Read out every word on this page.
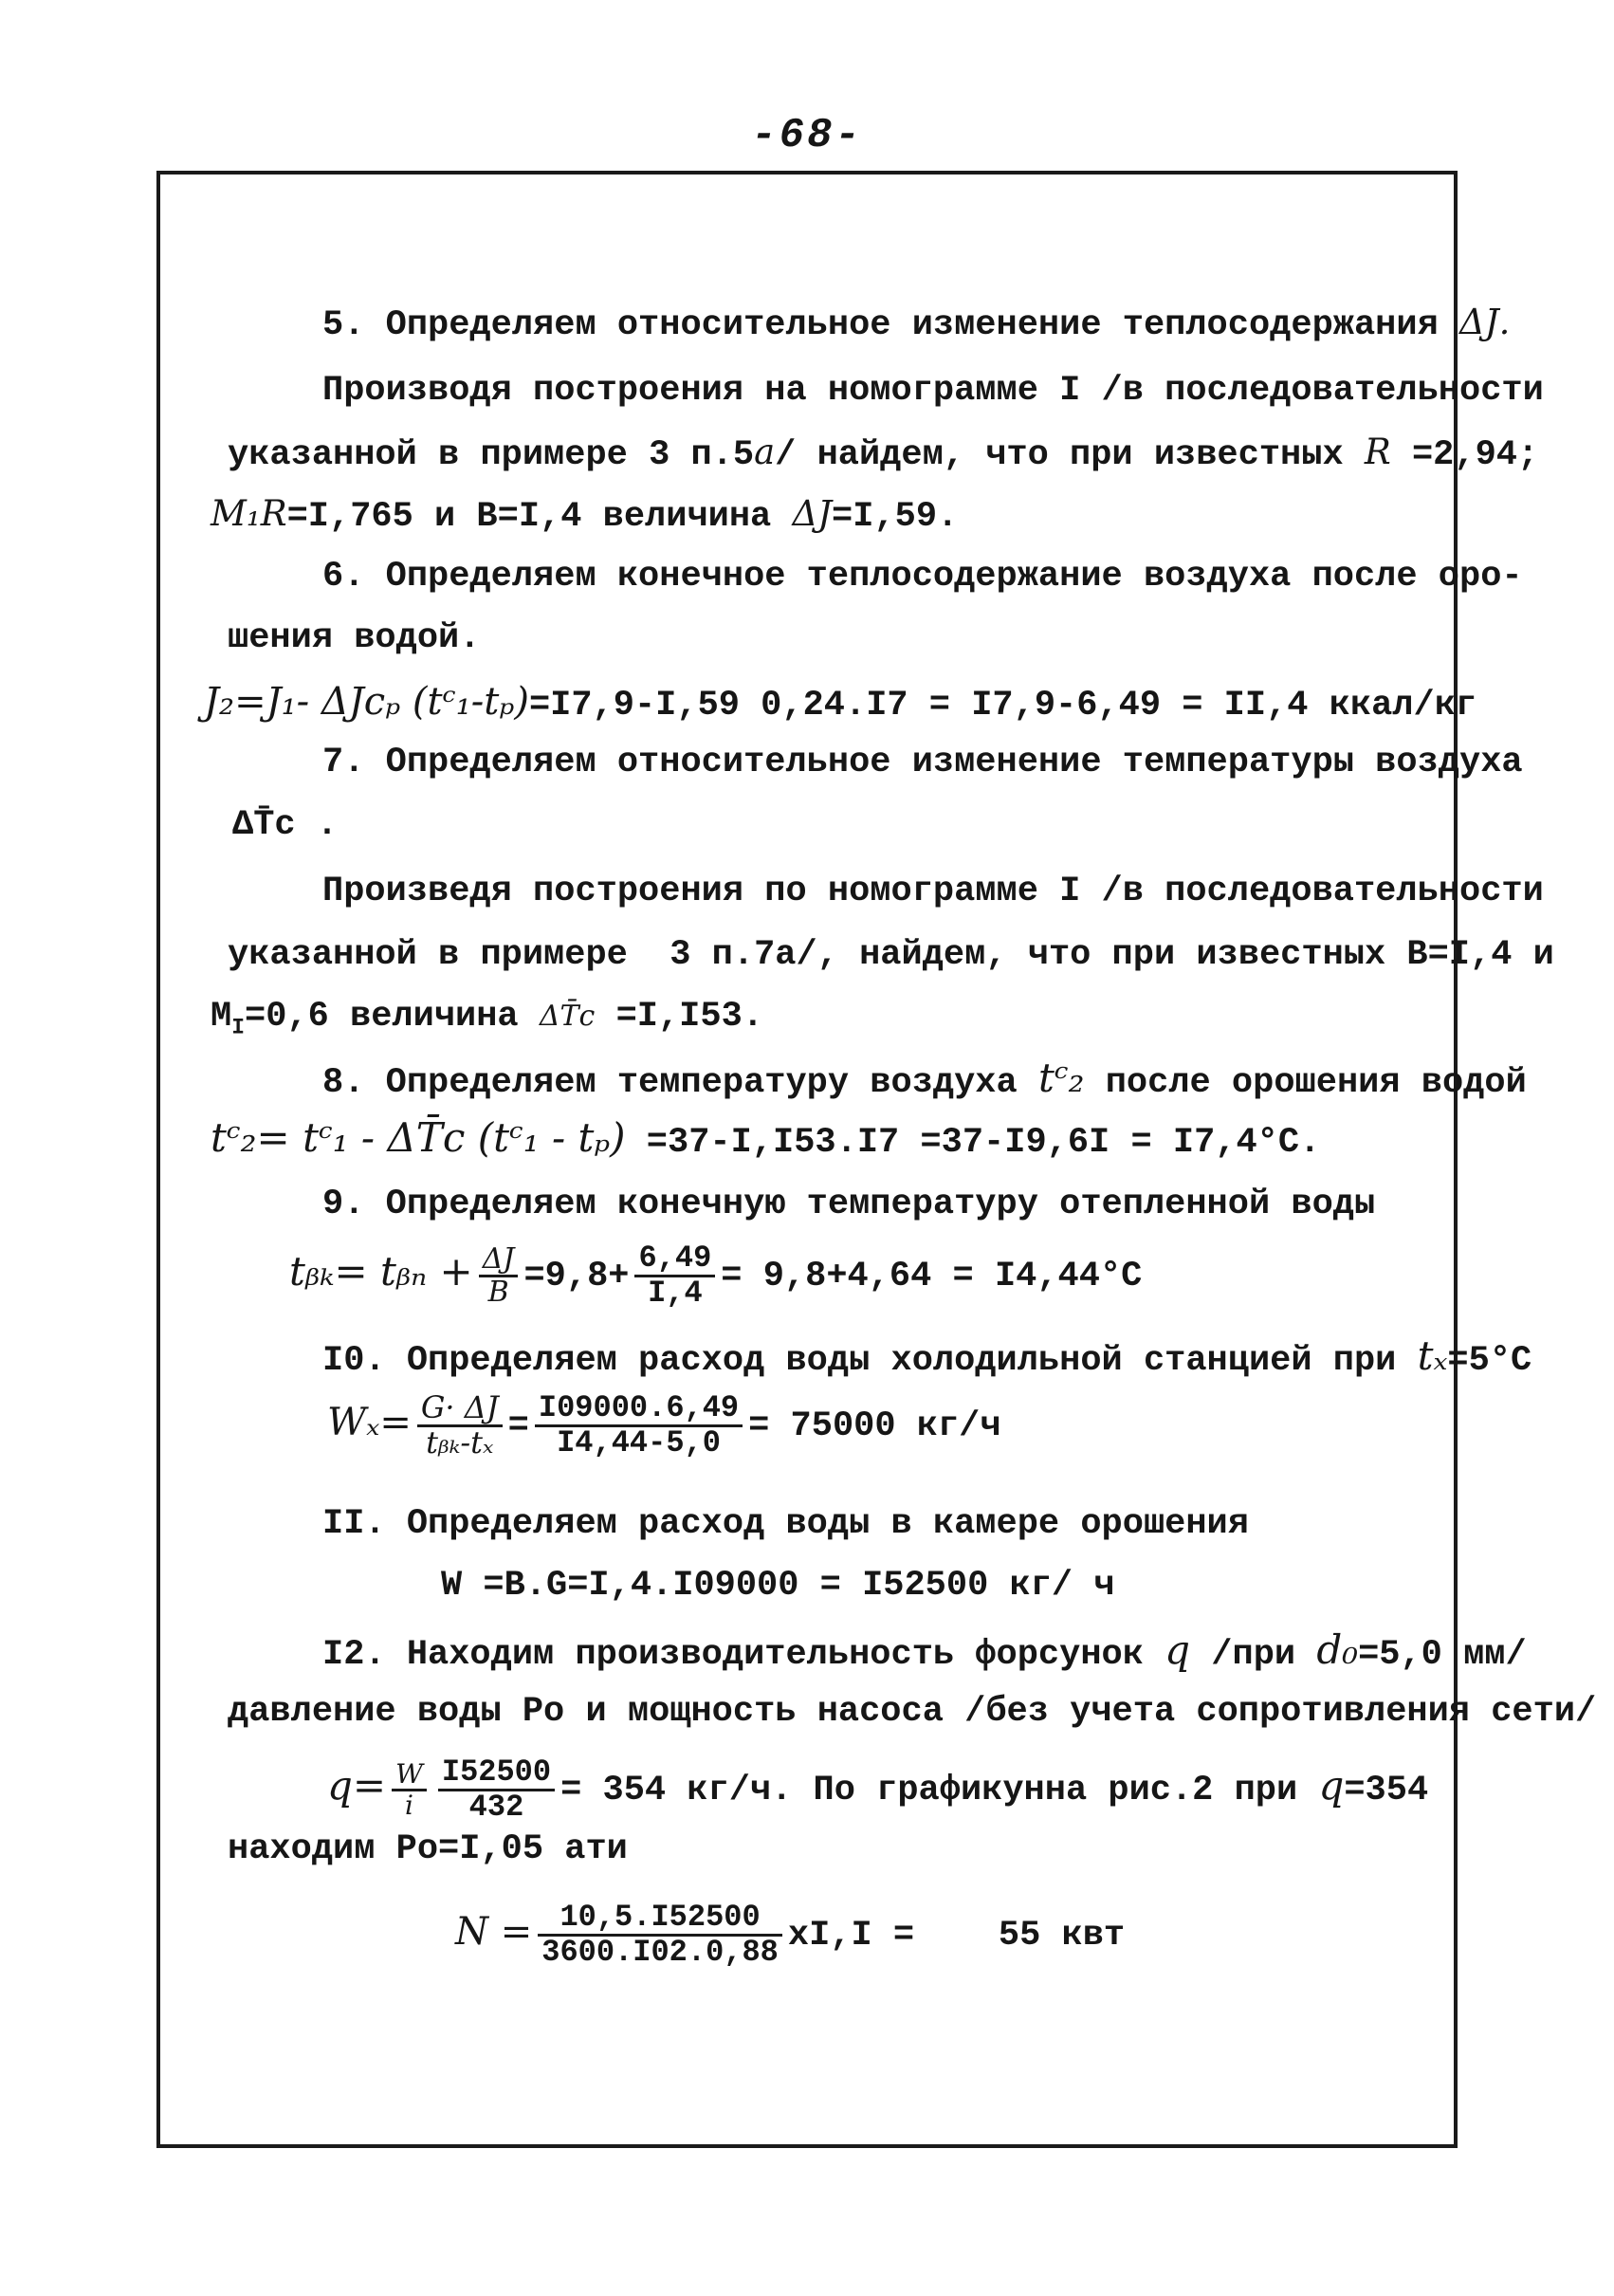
-68-
5. Определяем относительное изменение теплосодержания ΔЈ.
Производя построения на номограмме I /в последовательности
указанной в примере 3 п.5a/ найдем, что при известных R =2,94;
M₁R=I,765 и B=I,4 величина ΔЈ=I,59.
6. Определяем конечное теплосодержание воздуха после оро-
шения водой.
J₂=J₁- ΔЈcₚ (tᶜ₁-tₚ)=I7,9-I,59 0,24.I7 = I7,9-6,49 = II,4 ккал/кг
7. Определяем относительное изменение температуры воздуха
ΔT̄c .
Произведя построения по номограмме I /в последовательности
указанной в примере  3 п.7а/, найдем, что при известных B=I,4 и
$M_I=0,6$ величина ΔT̄c =I,I53.
8. Определяем температуру воздуха tᶜ₂ после орошения водой
tᶜ₂= tᶜ₁ - ΔT̄c (tᶜ₁ - tₚ) =37-I,I53.I7 =37-I9,6I = I7,4°C.
9. Определяем конечную температуру отепленной воды
tᵦₖ= tᵦₙ + $\frac{\Delta Ј}{B} =9,8+ \frac{6,49}{I,4} = 9,8+4,64 = I4,44^\circ C$
I0. Определяем расход воды холодильной станцией при tₓ=5°C
$W_x= \frac{G\cdot \Delta Ј}{\text{tᵦₖ-tₓ}} = \frac{I09000.6,49}{I4,44-5,0} = 75000$ кг/ч
II. Определяем расход воды в камере орошения
W =B.G=I,4.I09000 = I52500 кг/ ч
I2. Находим производительность форсунок q /при d₀=5,0 мм/
давление воды Po и мощность насоса /без учета сопротивления сети/
$q= \frac{W}{i} \frac{I52500}{432} = 354$ кг/ч. По графикунна рис.2 при q=354
находим Po=I,05 ати
$N = \frac{10,5.I52500}{3600.I02.0,88} xI,I$ =    55 квт
